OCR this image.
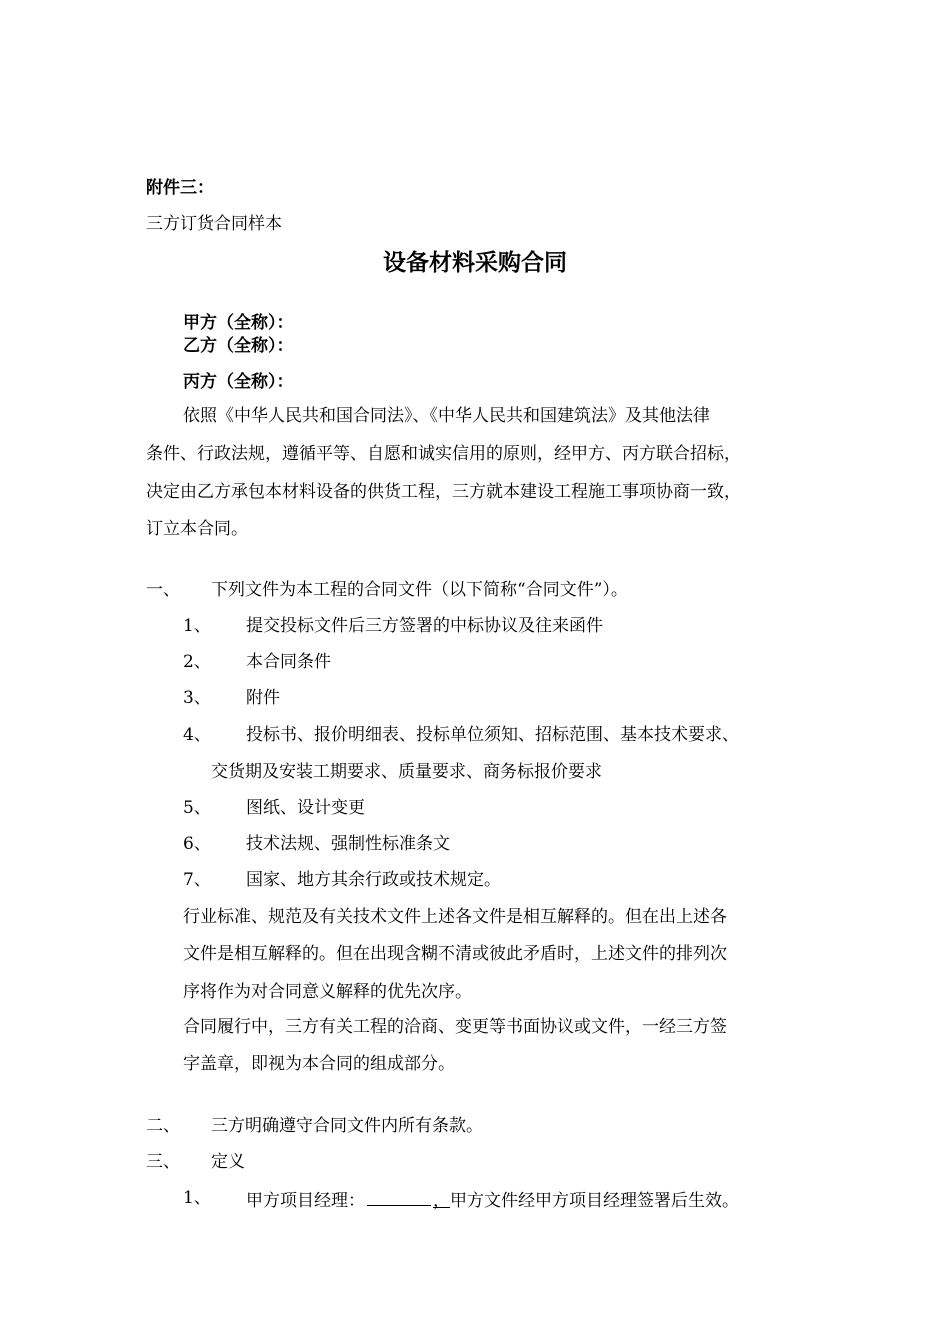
附件三：
三方订货合同样本
设备材料采购合同
甲方（全称）：
乙方（全称）：
丙方（全称）：
依照《中华人民共和国合同法》、《中华人民共和国建筑法》及其他法律
条件、行政法规，遵循平等、自愿和诚实信用的原则，经甲方、丙方联合招标，
决定由乙方承包本材料设备的供货工程，三方就本建设工程施工事项协商一致，
订立本合同。
一、 下列文件为本工程的合同文件（以下简称“合同文件”）。
1、 提交投标文件后三方签署的中标协议及往来函件
2、 本合同条件
3、 附件
4、 投标书、报价明细表、投标单位须知、招标范围、基本技术要求、
交货期及安装工期要求、质量要求、商务标报价要求
5、 图纸、设计变更
6、 技术法规、强制性标准条文
7、 国家、地方其余行政或技术规定。
行业标准、规范及有关技术文件上述各文件是相互解释的。但在出上述各
文件是相互解释的。但在出现含糊不清或彼此矛盾时，上述文件的排列次
序将作为对合同意义解释的优先次序。
合同履行中，三方有关工程的洽商、变更等书面协议或文件，一经三方签
字盖章，即视为本合同的组成部分。
二、 三方明确遵守合同文件内所有条款。
三、 定义
1、 甲方项目经理：	，甲方文件经甲方项目经理签署后生效。
